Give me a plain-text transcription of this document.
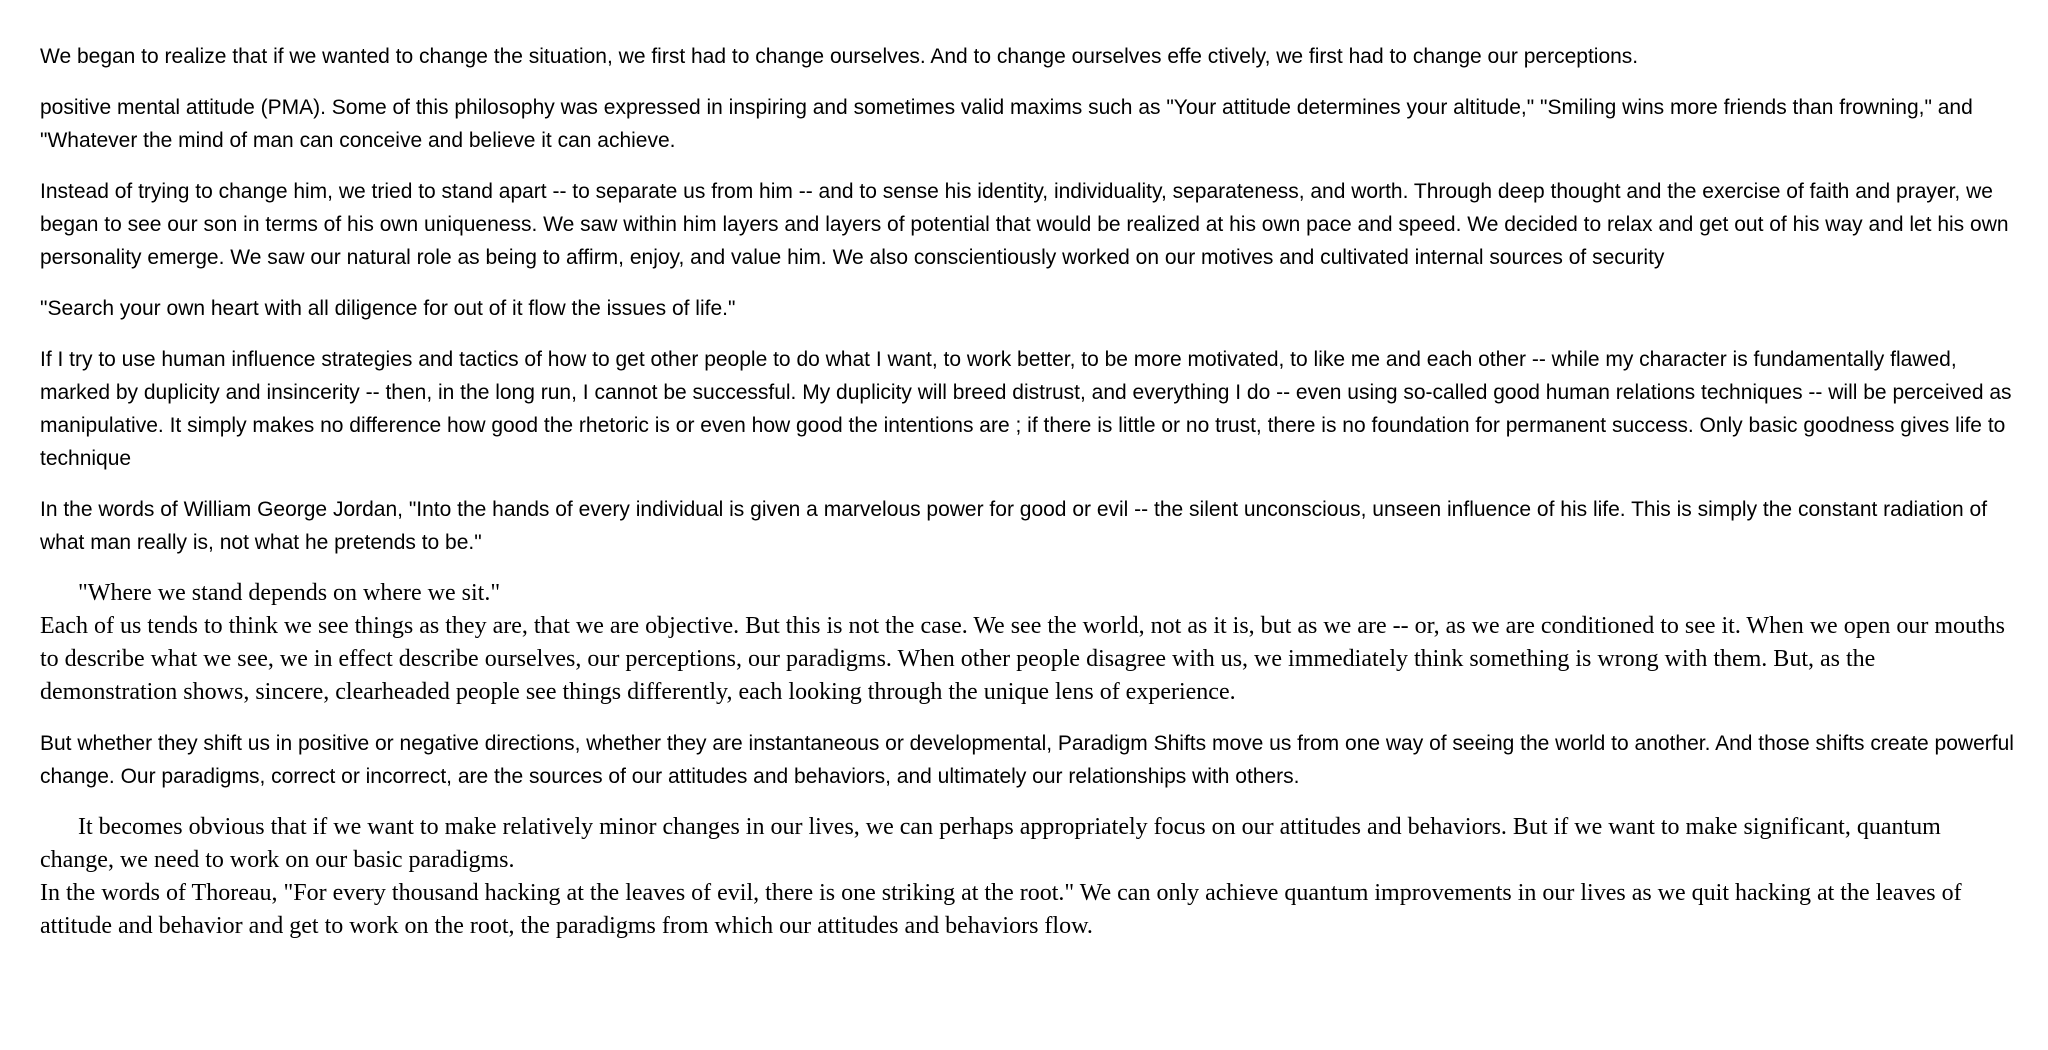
We began to realize that if we wanted to change the situation, we first had to change ourselves. And to change ourselves effe ctively, we first had to change our perceptions.

positive mental attitude (PMA). Some of this philosophy was expressed in inspiring and sometimes valid maxims such as "Your attitude determines your altitude," "Smiling wins more friends than frowning," and "Whatever the mind of man can conceive and believe it can achieve.

Instead of trying to change him, we tried to stand apart -- to separate us from him -- and to sense his identity, individuality, separateness, and worth. Through deep thought and the exercise of faith and prayer, we began to see our son in terms of his own uniqueness. We saw within him layers and layers of potential that would be realized at his own pace and speed. We decided to relax and get out of his way and let his own personality emerge. We saw our natural role as being to affirm, enjoy, and value him. We also conscientiously worked on our motives and cultivated internal sources of security

"Search your own heart with all diligence for out of it flow the issues of life."

If I try to use human influence strategies and tactics of how to get other people to do what I want, to work better, to be more motivated, to like me and each other -- while my character is fundamentally flawed, marked by duplicity and insincerity -- then, in the long run, I cannot be successful. My duplicity will breed distrust, and everything I do -- even using so-called good human relations techniques -- will be perceived as manipulative. It simply makes no difference how good the rhetoric is or even how good the intentions are ; if there is little or no trust, there is no foundation for permanent success. Only basic goodness gives life to technique

In the words of William George Jordan, "Into the hands of every individual is given a marvelous power for good or evil -- the silent unconscious, unseen influence of his life. This is simply the constant radiation of what man really is, not what he pretends to be."

"Where we stand depends on where we sit."
Each of us tends to think we see things as they are, that we are objective. But this is not the case. We see the world, not as it is, but as we are -- or, as we are conditioned to see it. When we open our mouths to describe what we see, we in effect describe ourselves, our perceptions, our paradigms. When other people disagree with us, we immediately think something is wrong with them. But, as the demonstration shows, sincere, clearheaded people see things differently, each looking through the unique lens of experience.

But whether they shift us in positive or negative directions, whether they are instantaneous or developmental, Paradigm Shifts move us from one way of seeing the world to another. And those shifts create powerful change. Our paradigms, correct or incorrect, are the sources of our attitudes and behaviors, and ultimately our relationships with others.

It becomes obvious that if we want to make relatively minor changes in our lives, we can perhaps appropriately focus on our attitudes and behaviors. But if we want to make significant, quantum change, we need to work on our basic paradigms.
In the words of Thoreau, "For every thousand hacking at the leaves of evil, there is one striking at the root." We can only achieve quantum improvements in our lives as we quit hacking at the leaves of attitude and behavior and get to work on the root, the paradigms from which our attitudes and behaviors flow.
